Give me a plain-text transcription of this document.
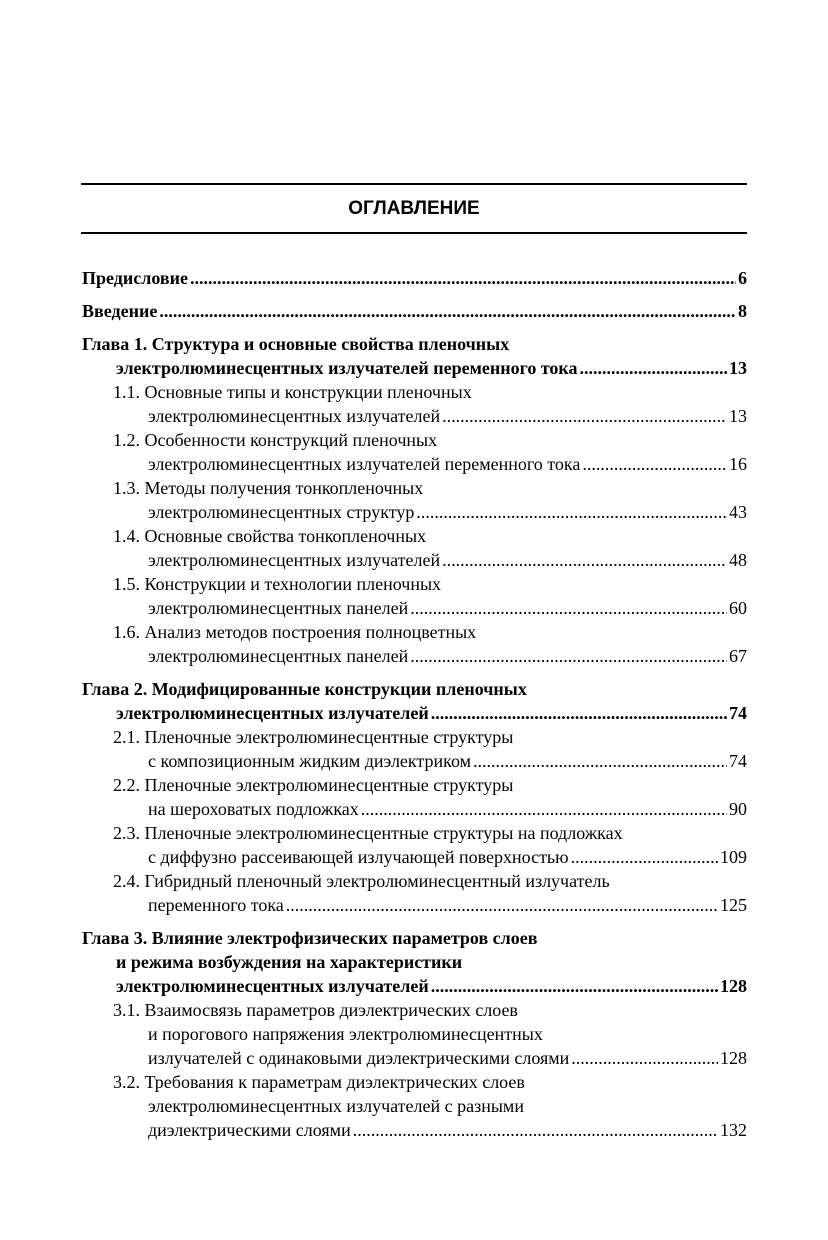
ОГЛАВЛЕНИЕ
Предисловие .....	6
Введение .....	8
Глава 1. Структура и основные свойства пленочных
электролюминесцентных излучателей переменного тока .....	13
1.1. Основные типы и конструкции пленочных
электролюминесцентных излучателей .....	13
1.2. Особенности конструкций пленочных
электролюминесцентных излучателей переменного тока .....	16
1.3. Методы получения тонкопленочных
электролюминесцентных структур .....	43
1.4. Основные свойства тонкопленочных
электролюминесцентных излучателей .....	48
1.5. Конструкции и технологии пленочных
электролюминесцентных панелей .....	60
1.6. Анализ методов построения полноцветных
электролюминесцентных панелей .....	67
Глава 2. Модифицированные конструкции пленочных
электролюминесцентных излучателей .....	74
2.1. Пленочные электролюминесцентные структуры
с композиционным жидким диэлектриком .....	74
2.2. Пленочные электролюминесцентные структуры
на шероховатых подложках .....	90
2.3. Пленочные электролюминесцентные структуры на подложках
с диффузно рассеивающей излучающей поверхностью .....	109
2.4. Гибридный пленочный электролюминесцентный излучатель
переменного тока .....	125
Глава 3. Влияние электрофизических параметров слоев
и режима возбуждения на характеристики
электролюминесцентных излучателей .....	128
3.1. Взаимосвязь параметров диэлектрических слоев
и порогового напряжения электролюминесцентных
излучателей с одинаковыми диэлектрическими слоями .....	128
3.2. Требования к параметрам диэлектрических слоев
электролюминесцентных излучателей с разными
диэлектрическими слоями .....	132
